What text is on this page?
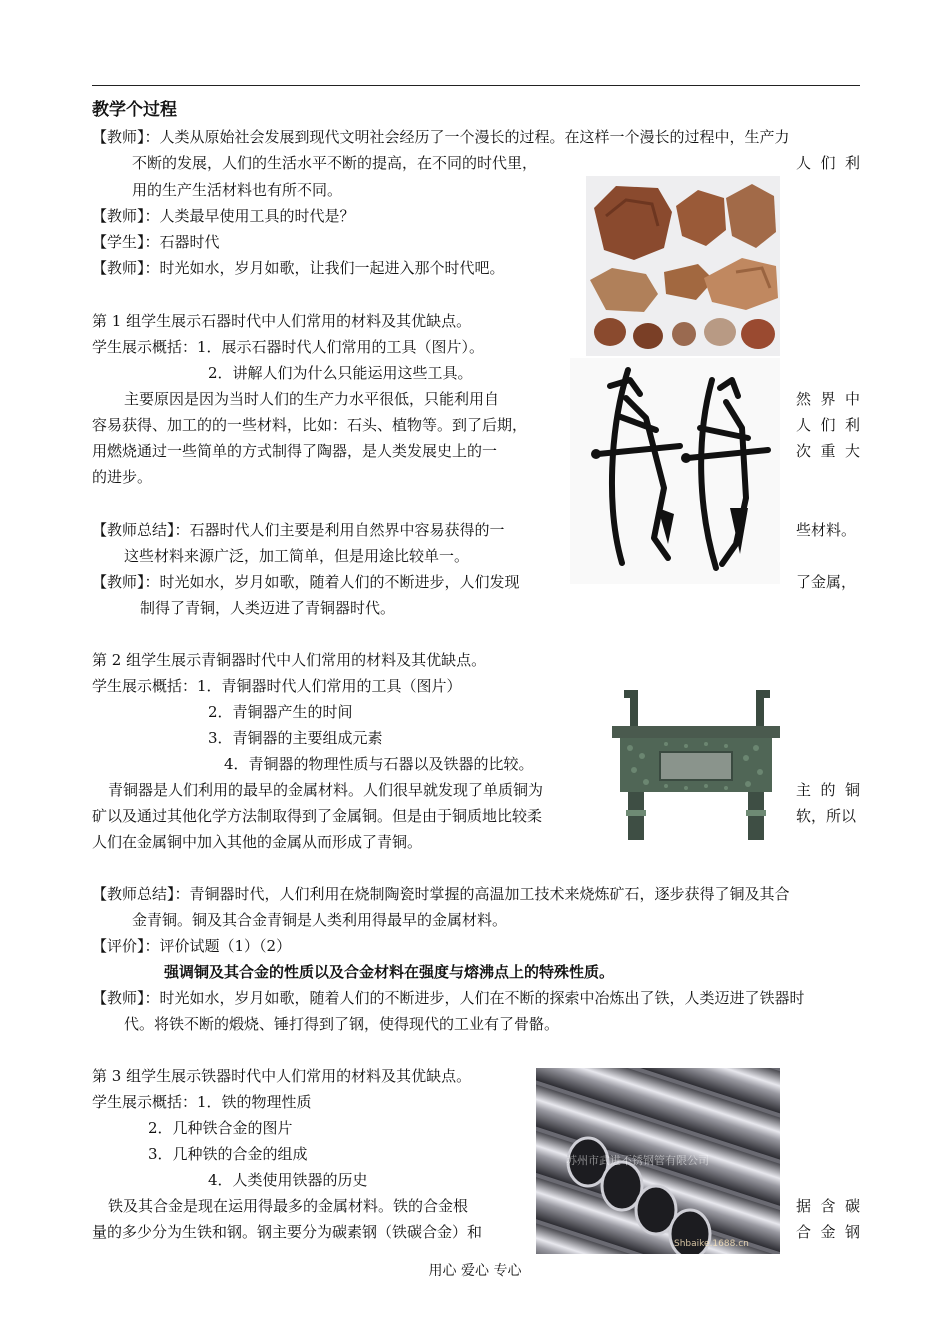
教学个过程
【教师】：人类从原始社会发展到现代文明社会经历了一个漫长的过程。在这样一个漫长的过程中，生产力
不断的发展，人们的生活水平不断的提高，在不同的时代里，	人 们 利
用的生产生活材料也有所不同。
【教师】：人类最早使用工具的时代是？
【学生】：石器时代
【教师】：时光如水，岁月如歌，让我们一起进入那个时代吧。
第 1 组学生展示石器时代中人们常用的材料及其优缺点。
学生展示概括：1．展示石器时代人们常用的工具（图片）。
2．讲解人们为什么只能运用这些工具。
主要原因是因为当时人们的生产力水平很低，只能利用自	然 界 中
容易获得、加工的的一些材料，比如：石头、植物等。到了后期，	人 们 利
用燃烧通过一些简单的方式制得了陶器，是人类发展史上的一	次 重 大
的进步。
【教师总结】：石器时代人们主要是利用自然界中容易获得的一	些材料。
这些材料来源广泛，加工简单，但是用途比较单一。
【教师】：时光如水，岁月如歌，随着人们的不断进步，人们发现	了金属，
制得了青铜，人类迈进了青铜器时代。
第 2 组学生展示青铜器时代中人们常用的材料及其优缺点。
学生展示概括：1．青铜器时代人们常用的工具（图片）
2．青铜器产生的时间
3．青铜器的主要组成元素
4．青铜器的物理性质与石器以及铁器的比较。
青铜器是人们利用的最早的金属材料。人们很早就发现了单质铜为	主 的 铜
矿以及通过其他化学方法制取得到了金属铜。但是由于铜质地比较柔	软，所以
人们在金属铜中加入其他的金属从而形成了青铜。
【教师总结】：青铜器时代，人们利用在烧制陶瓷时掌握的高温加工技术来烧炼矿石，逐步获得了铜及其合
金青铜。铜及其合金青铜是人类利用得最早的金属材料。
【评价】：评价试题（1）（2）
强调铜及其合金的性质以及合金材料在强度与熔沸点上的特殊性质。
【教师】：时光如水，岁月如歌，随着人们的不断进步，人们在不断的探索中冶炼出了铁，人类迈进了铁器时
代。将铁不断的煅烧、锤打得到了钢，使得现代的工业有了骨骼。
第 3 组学生展示铁器时代中人们常用的材料及其优缺点。
学生展示概括：1．铁的物理性质
2．几种铁合金的图片
3．几种铁的合金的组成
4．人类使用铁器的历史
铁及其合金是现在运用得最多的金属材料。铁的合金根	据 含 碳
量的多少分为生铁和钢。钢主要分为碳素钢（铁碳合金）和	合 金 钢
苏州市武进不锈钢管有限公司
Shbaike.1688.cn
用心 爱心 专心
